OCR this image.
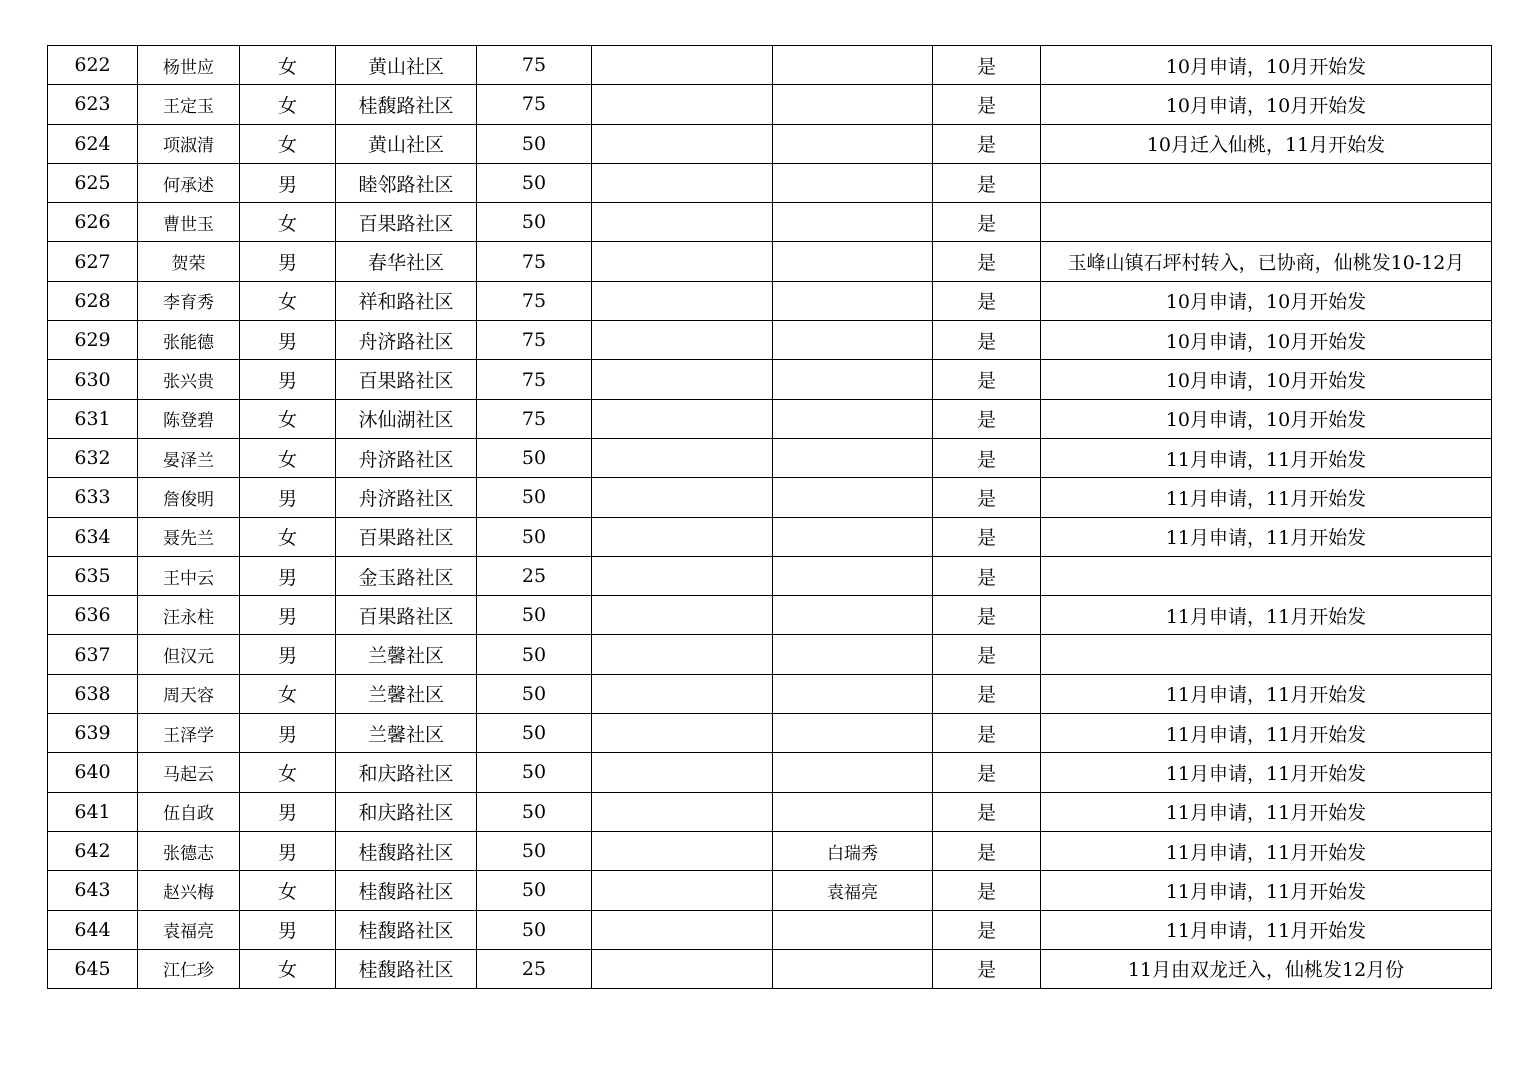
622	杨世应	女	黄山社区	75			是	10月申请，10月开始发
623	王定玉	女	桂馥路社区	75			是	10月申请，10月开始发
624	项淑清	女	黄山社区	50			是	10月迁入仙桃，11月开始发
625	何承述	男	睦邻路社区	50			是	
626	曹世玉	女	百果路社区	50			是	
627	贺荣	男	春华社区	75			是	玉峰山镇石坪村转入，已协商，仙桃发10-12月
628	李育秀	女	祥和路社区	75			是	10月申请，10月开始发
629	张能德	男	舟济路社区	75			是	10月申请，10月开始发
630	张兴贵	男	百果路社区	75			是	10月申请，10月开始发
631	陈登碧	女	沐仙湖社区	75			是	10月申请，10月开始发
632	晏泽兰	女	舟济路社区	50			是	11月申请，11月开始发
633	詹俊明	男	舟济路社区	50			是	11月申请，11月开始发
634	聂先兰	女	百果路社区	50			是	11月申请，11月开始发
635	王中云	男	金玉路社区	25			是	
636	汪永柱	男	百果路社区	50			是	11月申请，11月开始发
637	但汉元	男	兰馨社区	50			是	
638	周天容	女	兰馨社区	50			是	11月申请，11月开始发
639	王泽学	男	兰馨社区	50			是	11月申请，11月开始发
640	马起云	女	和庆路社区	50			是	11月申请，11月开始发
641	伍自政	男	和庆路社区	50			是	11月申请，11月开始发
642	张德志	男	桂馥路社区	50		白瑞秀	是	11月申请，11月开始发
643	赵兴梅	女	桂馥路社区	50		袁福亮	是	11月申请，11月开始发
644	袁福亮	男	桂馥路社区	50			是	11月申请，11月开始发
645	江仁珍	女	桂馥路社区	25			是	11月由双龙迁入，仙桃发12月份
